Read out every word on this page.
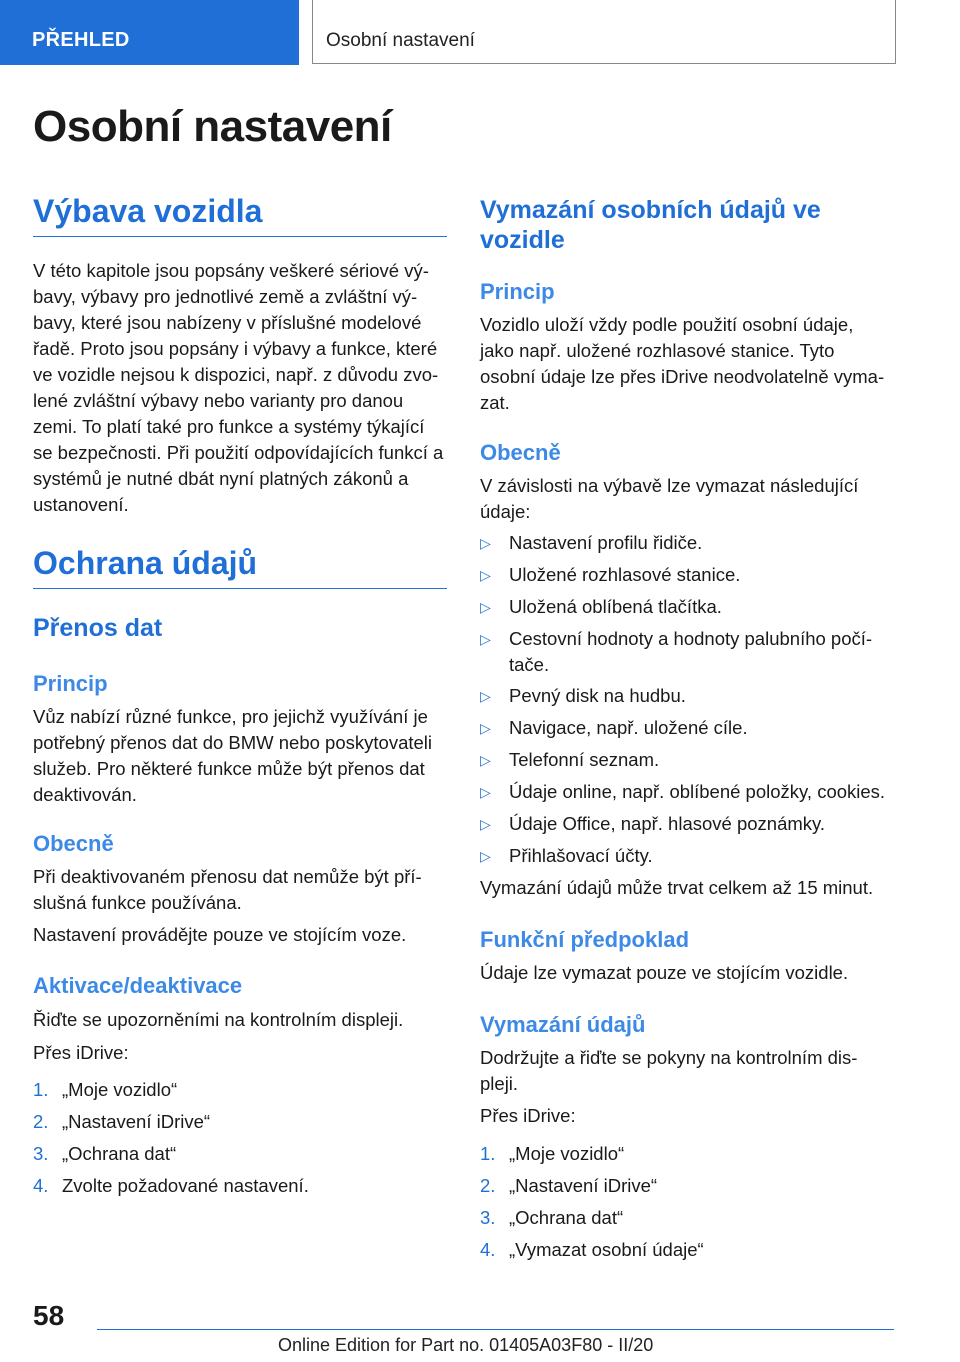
PŘEHLED	Osobní nastavení
Osobní nastavení
Výbava vozidla
V této kapitole jsou popsány veškeré sériové vý-
bavy, výbavy pro jednotlivé země a zvláštní vý-
bavy, které jsou nabízeny v příslušné modelové
řadě. Proto jsou popsány i výbavy a funkce, které
ve vozidle nejsou k dispozici, např. z důvodu zvo-
lené zvláštní výbavy nebo varianty pro danou
zemi. To platí také pro funkce a systémy týkající
se bezpečnosti. Při použití odpovídajících funkcí a
systémů je nutné dbát nyní platných zákonů a
ustanovení.
Ochrana údajů
Přenos dat
Princip
Vůz nabízí různé funkce, pro jejichž využívání je
potřebný přenos dat do BMW nebo poskytovateli
služeb. Pro některé funkce může být přenos dat
deaktivován.
Obecně
Při deaktivovaném přenosu dat nemůže být pří-
slušná funkce používána.
Nastavení provádějte pouze ve stojícím voze.
Aktivace/deaktivace
Řiďte se upozorněními na kontrolním displeji.
Přes iDrive:
1. „Moje vozidlo“
2. „Nastavení iDrive“
3. „Ochrana dat“
4. Zvolte požadované nastavení.
Vymazání osobních údajů ve
vozidle
Princip
Vozidlo uloží vždy podle použití osobní údaje,
jako např. uložené rozhlasové stanice. Tyto
osobní údaje lze přes iDrive neodvolatelně vyma-
zat.
Obecně
V závislosti na výbavě lze vymazat následující
údaje:
▷ Nastavení profilu řidiče.
▷ Uložené rozhlasové stanice.
▷ Uložená oblíbená tlačítka.
▷ Cestovní hodnoty a hodnoty palubního počí-
tače.
▷ Pevný disk na hudbu.
▷ Navigace, např. uložené cíle.
▷ Telefonní seznam.
▷ Údaje online, např. oblíbené položky, cookies.
▷ Údaje Office, např. hlasové poznámky.
▷ Přihlašovací účty.
Vymazání údajů může trvat celkem až 15 minut.
Funkční předpoklad
Údaje lze vymazat pouze ve stojícím vozidle.
Vymazání údajů
Dodržujte a řiďte se pokyny na kontrolním dis-
pleji.
Přes iDrive:
1. „Moje vozidlo“
2. „Nastavení iDrive“
3. „Ochrana dat“
4. „Vymazat osobní údaje“
58
Online Edition for Part no. 01405A03F80 - II/20
